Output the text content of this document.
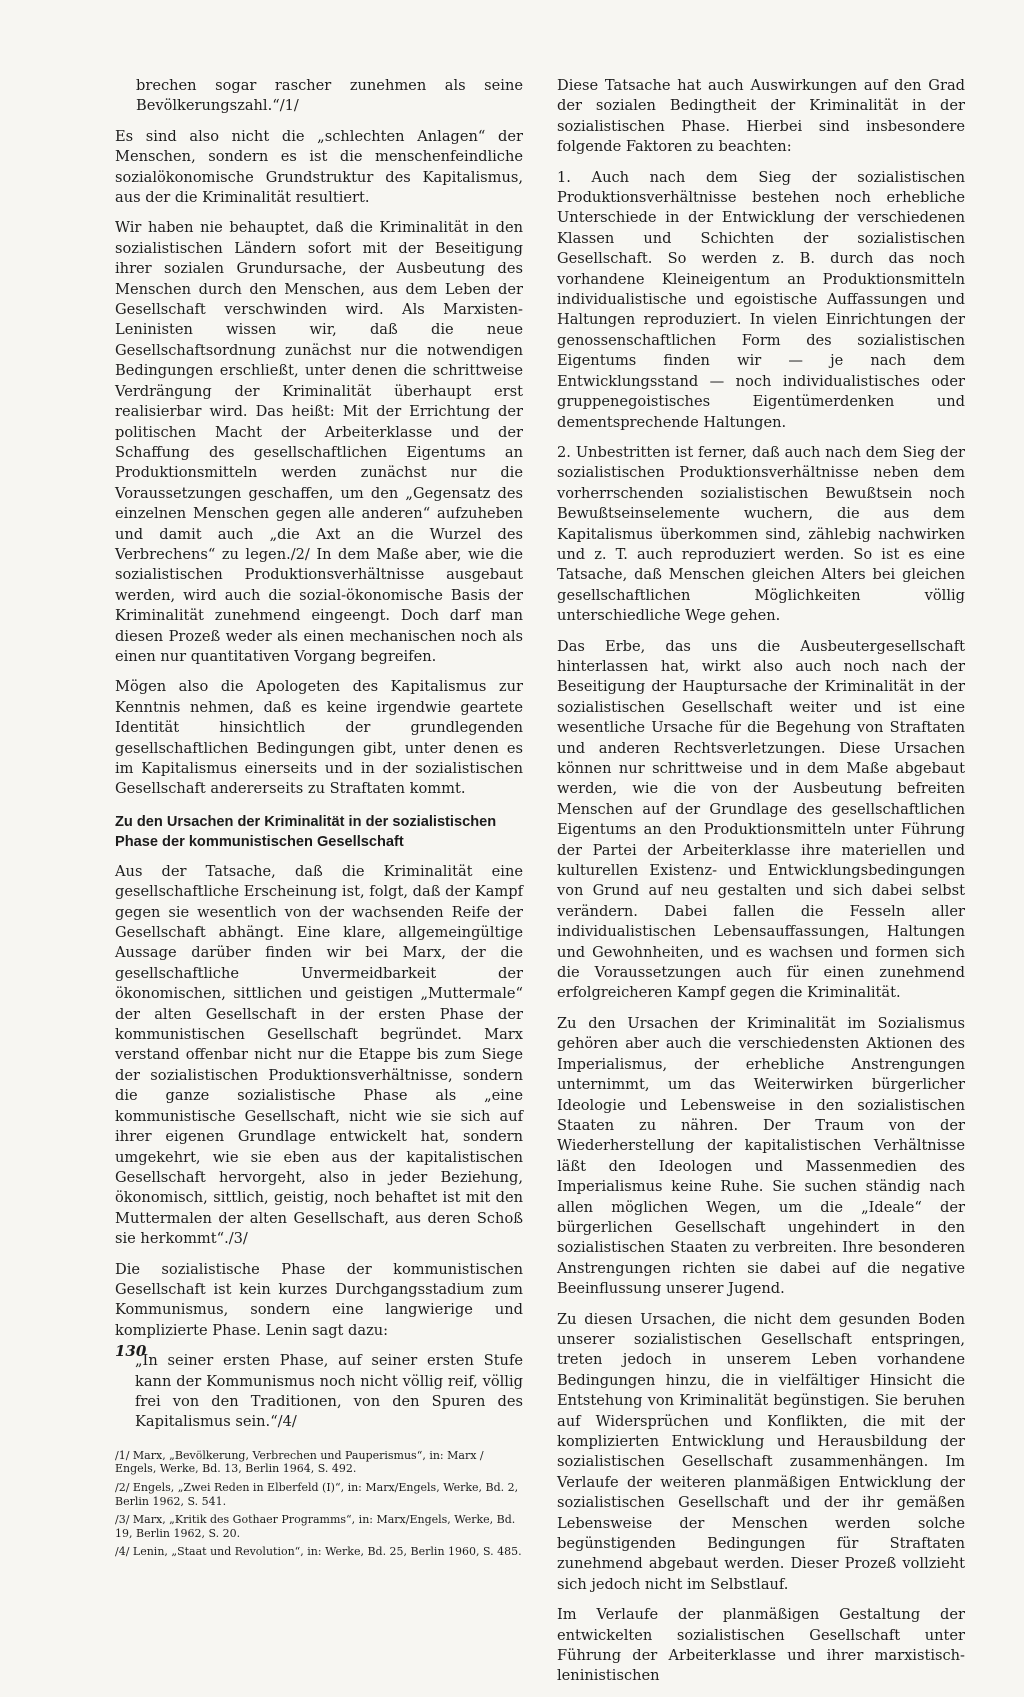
brechen sogar rascher zunehmen als seine Bevölkerungszahl.“/1/

Es sind also nicht die „schlechten Anlagen“ der Menschen, sondern es ist die menschenfeindliche sozialökonomische Grundstruktur des Kapitalismus, aus der die Kriminalität resultiert.

Wir haben nie behauptet, daß die Kriminalität in den sozialistischen Ländern sofort mit der Beseitigung ihrer sozialen Grundursache, der Ausbeutung des Menschen durch den Menschen, aus dem Leben der Gesellschaft verschwinden wird. Als Marxisten-Leninisten wissen wir, daß die neue Gesellschaftsordnung zunächst nur die notwendigen Bedingungen erschließt, unter denen die schrittweise Verdrängung der Kriminalität überhaupt erst realisierbar wird. Das heißt: Mit der Errichtung der politischen Macht der Arbeiterklasse und der Schaffung des gesellschaftlichen Eigentums an Produktionsmitteln werden zunächst nur die Voraussetzungen geschaffen, um den „Gegensatz des einzelnen Menschen gegen alle anderen“ aufzuheben und damit auch „die Axt an die Wurzel des Verbrechens“ zu legen./2/ In dem Maße aber, wie die sozialistischen Produktionsverhältnisse ausgebaut werden, wird auch die sozial-ökonomische Basis der Kriminalität zunehmend eingeengt. Doch darf man diesen Prozeß weder als einen mechanischen noch als einen nur quantitativen Vorgang begreifen.

Mögen also die Apologeten des Kapitalismus zur Kenntnis nehmen, daß es keine irgendwie geartete Identität hinsichtlich der grundlegenden gesellschaftlichen Bedingungen gibt, unter denen es im Kapitalismus einerseits und in der sozialistischen Gesellschaft andererseits zu Straftaten kommt.

Zu den Ursachen der Kriminalität in der sozialistischen Phase der kommunistischen Gesellschaft

Aus der Tatsache, daß die Kriminalität eine gesellschaftliche Erscheinung ist, folgt, daß der Kampf gegen sie wesentlich von der wachsenden Reife der Gesellschaft abhängt. Eine klare, allgemeingültige Aussage darüber finden wir bei Marx, der die gesellschaftliche Unvermeidbarkeit der ökonomischen, sittlichen und geistigen „Muttermale“ der alten Gesellschaft in der ersten Phase der kommunistischen Gesellschaft begründet. Marx verstand offenbar nicht nur die Etappe bis zum Siege der sozialistischen Produktionsverhältnisse, sondern die ganze sozialistische Phase als „eine kommunistische Gesellschaft, nicht wie sie sich auf ihrer eigenen Grundlage entwickelt hat, sondern umgekehrt, wie sie eben aus der kapitalistischen Gesellschaft hervorgeht, also in jeder Beziehung, ökonomisch, sittlich, geistig, noch behaftet ist mit den Muttermalen der alten Gesellschaft, aus deren Schoß sie herkommt“./3/

Die sozialistische Phase der kommunistischen Gesellschaft ist kein kurzes Durchgangsstadium zum Kommunismus, sondern eine langwierige und komplizierte Phase. Lenin sagt dazu:

„In seiner ersten Phase, auf seiner ersten Stufe kann der Kommunismus noch nicht völlig reif, völlig frei von den Traditionen, von den Spuren des Kapitalismus sein.“/4/

/1/ Marx, „Bevölkerung, Verbrechen und Pauperismus“, in: Marx / Engels, Werke, Bd. 13, Berlin 1964, S. 492.

/2/ Engels, „Zwei Reden in Elberfeld (I)“, in: Marx/Engels, Werke, Bd. 2, Berlin 1962, S. 541.

/3/ Marx, „Kritik des Gothaer Programms“, in: Marx/Engels, Werke, Bd. 19, Berlin 1962, S. 20.

/4/ Lenin, „Staat und Revolution“, in: Werke, Bd. 25, Berlin 1960, S. 485.

130

Diese Tatsache hat auch Auswirkungen auf den Grad der sozialen Bedingtheit der Kriminalität in der sozialistischen Phase. Hierbei sind insbesondere folgende Faktoren zu beachten:

1. Auch nach dem Sieg der sozialistischen Produktionsverhältnisse bestehen noch erhebliche Unterschiede in der Entwicklung der verschiedenen Klassen und Schichten der sozialistischen Gesellschaft. So werden z. B. durch das noch vorhandene Kleineigentum an Produktionsmitteln individualistische und egoistische Auffassungen und Haltungen reproduziert. In vielen Einrichtungen der genossenschaftlichen Form des sozialistischen Eigentums finden wir — je nach dem Entwicklungsstand — noch individualistisches oder gruppenegoistisches Eigentümerdenken und dementsprechende Haltungen.

2. Unbestritten ist ferner, daß auch nach dem Sieg der sozialistischen Produktionsverhältnisse neben dem vorherrschenden sozialistischen Bewußtsein noch Bewußtseinselemente wuchern, die aus dem Kapitalismus überkommen sind, zählebig nachwirken und z. T. auch reproduziert werden. So ist es eine Tatsache, daß Menschen gleichen Alters bei gleichen gesellschaftlichen Möglichkeiten völlig unterschiedliche Wege gehen.

Das Erbe, das uns die Ausbeutergesellschaft hinterlassen hat, wirkt also auch noch nach der Beseitigung der Hauptursache der Kriminalität in der sozialistischen Gesellschaft weiter und ist eine wesentliche Ursache für die Begehung von Straftaten und anderen Rechtsverletzungen. Diese Ursachen können nur schrittweise und in dem Maße abgebaut werden, wie die von der Ausbeutung befreiten Menschen auf der Grundlage des gesellschaftlichen Eigentums an den Produktionsmitteln unter Führung der Partei der Arbeiterklasse ihre materiellen und kulturellen Existenz- und Entwicklungsbedingungen von Grund auf neu gestalten und sich dabei selbst verändern. Dabei fallen die Fesseln aller individualistischen Lebensauffassungen, Haltungen und Gewohnheiten, und es wachsen und formen sich die Voraussetzungen auch für einen zunehmend erfolgreicheren Kampf gegen die Kriminalität.

Zu den Ursachen der Kriminalität im Sozialismus gehören aber auch die verschiedensten Aktionen des Imperialismus, der erhebliche Anstrengungen unternimmt, um das Weiterwirken bürgerlicher Ideologie und Lebensweise in den sozialistischen Staaten zu nähren. Der Traum von der Wiederherstellung der kapitalistischen Verhältnisse läßt den Ideologen und Massenmedien des Imperialismus keine Ruhe. Sie suchen ständig nach allen möglichen Wegen, um die „Ideale“ der bürgerlichen Gesellschaft ungehindert in den sozialistischen Staaten zu verbreiten. Ihre besonderen Anstrengungen richten sie dabei auf die negative Beeinflussung unserer Jugend.

Zu diesen Ursachen, die nicht dem gesunden Boden unserer sozialistischen Gesellschaft entspringen, treten jedoch in unserem Leben vorhandene Bedingungen hinzu, die in vielfältiger Hinsicht die Entstehung von Kriminalität begünstigen. Sie beruhen auf Widersprüchen und Konflikten, die mit der komplizierten Entwicklung und Herausbildung der sozialistischen Gesellschaft zusammenhängen. Im Verlaufe der weiteren planmäßigen Entwicklung der sozialistischen Gesellschaft und der ihr gemäßen Lebensweise der Menschen werden solche begünstigenden Bedingungen für Straftaten zunehmend abgebaut werden. Dieser Prozeß vollzieht sich jedoch nicht im Selbstlauf.

Im Verlaufe der planmäßigen Gestaltung der entwickelten sozialistischen Gesellschaft unter Führung der Arbeiterklasse und ihrer marxistisch-leninistischen
